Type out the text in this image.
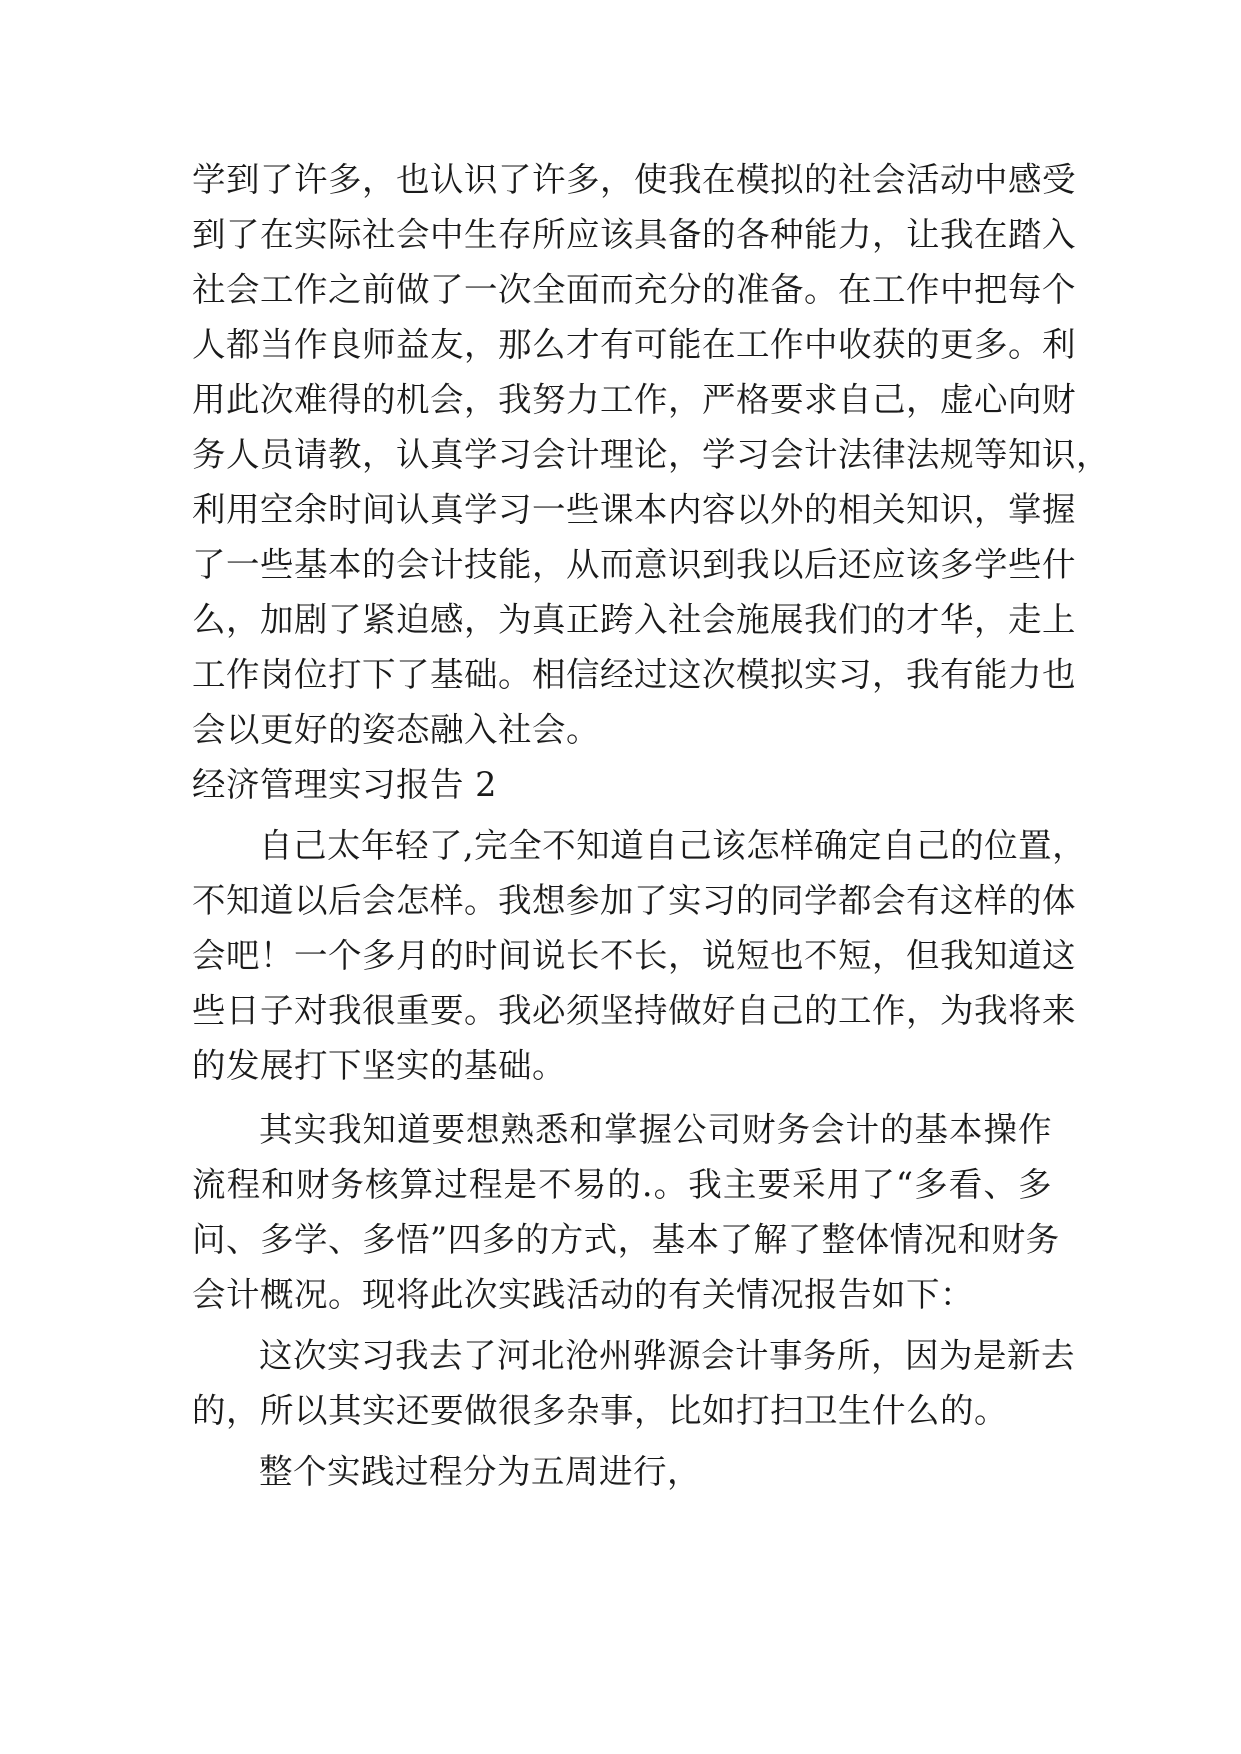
学到了许多，也认识了许多，使我在模拟的社会活动中感受
到了在实际社会中生存所应该具备的各种能力，让我在踏入
社会工作之前做了一次全面而充分的准备。在工作中把每个
人都当作良师益友，那么才有可能在工作中收获的更多。利
用此次难得的机会，我努力工作，严格要求自己，虚心向财
务人员请教，认真学习会计理论，学习会计法律法规等知识，
利用空余时间认真学习一些课本内容以外的相关知识，掌握
了一些基本的会计技能，从而意识到我以后还应该多学些什
么，加剧了紧迫感，为真正跨入社会施展我们的才华，走上
工作岗位打下了基础。相信经过这次模拟实习，我有能力也
会以更好的姿态融入社会。
经济管理实习报告 2
自己太年轻了,完全不知道自己该怎样确定自己的位置，
不知道以后会怎样。我想参加了实习的同学都会有这样的体
会吧！一个多月的时间说长不长，说短也不短，但我知道这
些日子对我很重要。我必须坚持做好自己的工作，为我将来
的发展打下坚实的基础。
其实我知道要想熟悉和掌握公司财务会计的基本操作
流程和财务核算过程是不易的.。我主要采用了“多看、多
问、多学、多悟”四多的方式，基本了解了整体情况和财务
会计概况。现将此次实践活动的有关情况报告如下：
这次实习我去了河北沧州骅源会计事务所，因为是新去
的，所以其实还要做很多杂事，比如打扫卫生什么的。
整个实践过程分为五周进行，
